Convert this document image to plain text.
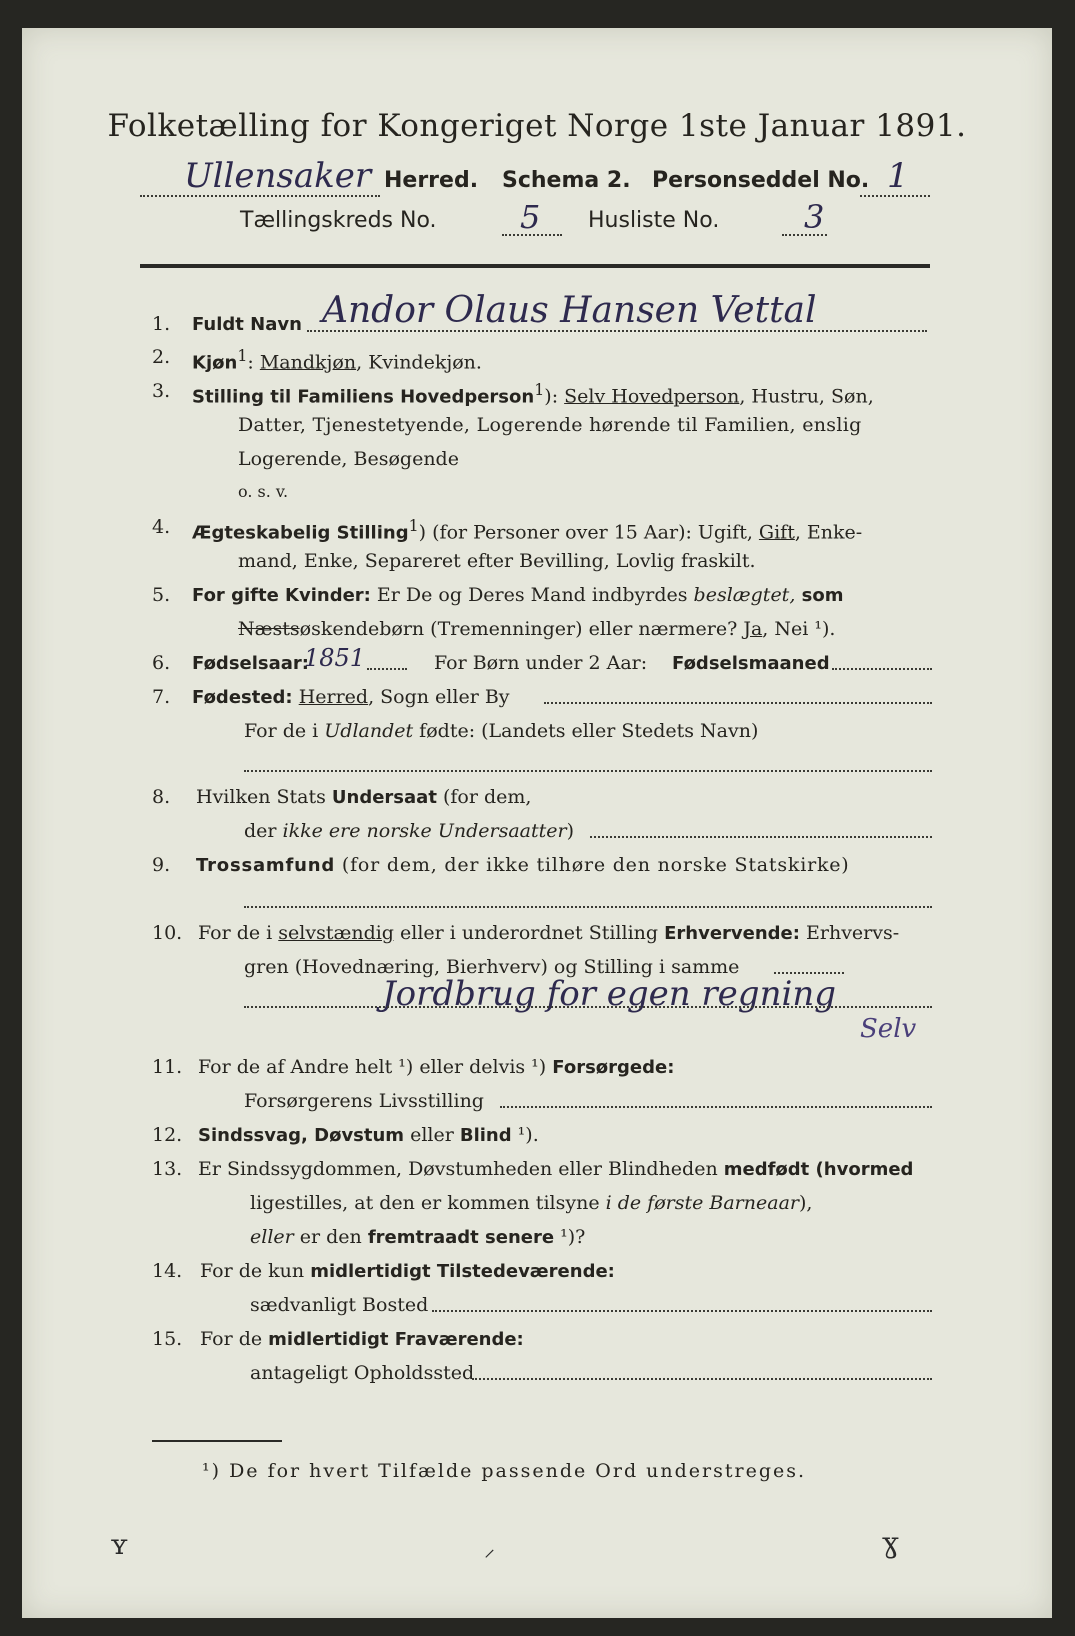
Folketælling for Kongeriget Norge 1ste Januar 1891.
Ullensaker Herred. Schema 2. Personseddel No. 1
Tællingskreds No.	5 Husliste No.	3
1.	Fuldt Navn Andor Olaus Hansen Vettal
2.	Kjøn$^1$: Mandkjøn, Kvindekjøn.
3.	Stilling til Familiens Hovedperson$^1$): Selv Hovedperson, Hustru, Søn,
Datter, Tjenestetyende, Logerende hørende til Familien, enslig
Logerende, Besøgende
o. s. v.
4.	Ægteskabelig Stilling$^1$) (for Personer over 15 Aar): Ugift, Gift, Enke-
mand, Enke, Separeret efter Bevilling, Lovlig fraskilt.
5.	For gifte Kvinder: Er De og Deres Mand indbyrdes beslægtet, som
Næstsøskendebørn (Tremenninger) eller nærmere? Ja, Nei ¹).
6.	Fødselsaar:
1851	For Børn under 2 Aar: Fødselsmaaned
7.	Fødested: Herred, Sogn eller By
For de i Udlandet fødte: (Landets eller Stedets Navn)
8.	Hvilken Stats Undersaat (for dem,
der ikke ere norske Undersaatter)
9.	Trossamfund (for dem, der ikke tilhøre den norske Statskirke)
10. For de i selvstændig eller i underordnet Stilling Erhvervende: Erhvervs-
gren (Hovednæring, Bierhverv) og Stilling i samme
Jordbrug for egen regning
Selv
11. For de af Andre helt ¹) eller delvis ¹) Forsørgede:
Forsørgerens Livsstilling
12. Sindssvag, Døvstum eller Blind ¹).
13. Er Sindssygdommen, Døvstumheden eller Blindheden medfødt (hvormed
ligestilles, at den er kommen tilsyne i de første Barneaar),
eller er den fremtraadt senere ¹)?
14. For de kun midlertidigt Tilstedeværende:
sædvanligt Bosted
15. For de midlertidigt Fraværende:
antageligt Opholdssted
¹) De for hvert Tilfælde passende Ord understreges.
ʏ	⸝	ɣ
